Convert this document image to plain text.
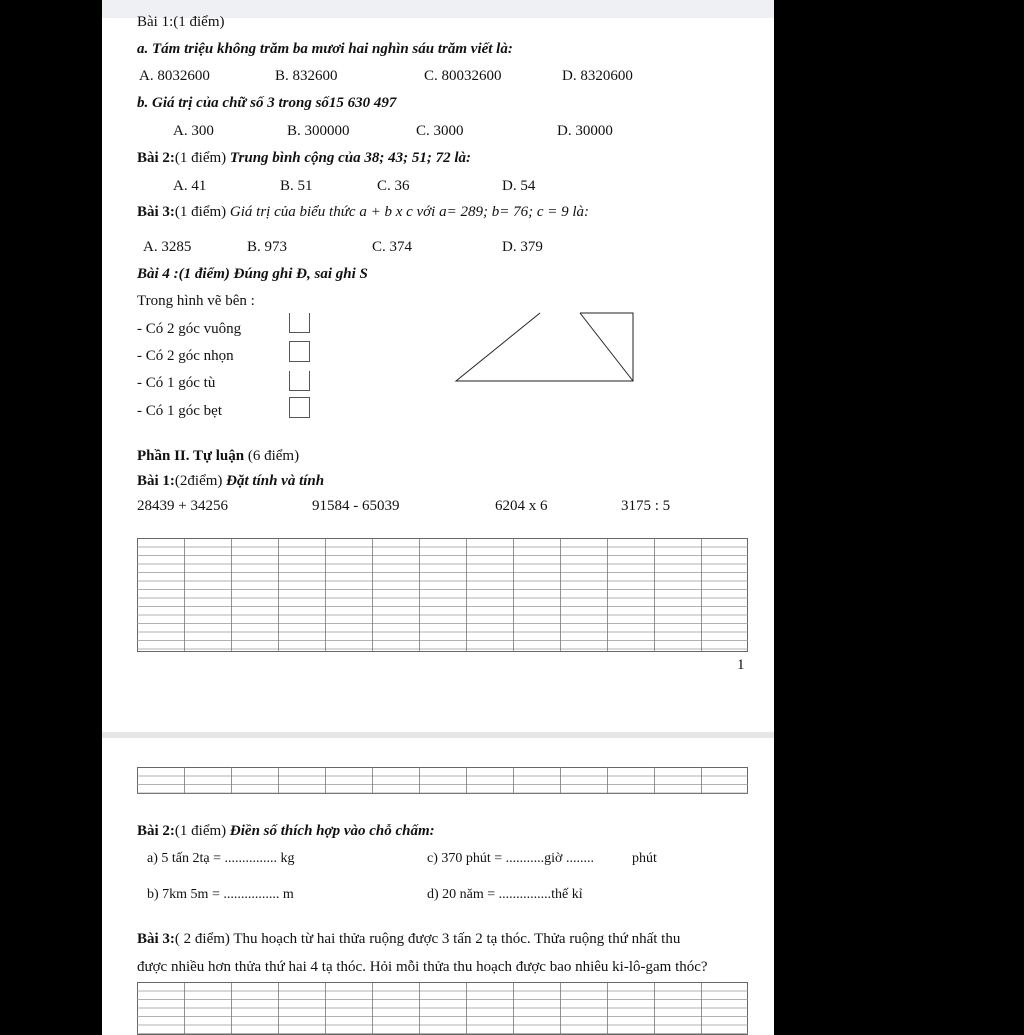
Bài 1:(1 điểm)
a. Tám triệu không trăm ba mươi hai nghìn sáu trăm viết là:
A. 8032600	B. 832600	C. 80032600	D. 8320600
b. Giá trị của chữ số 3 trong số15 630 497
A. 300	B. 300000	C. 3000	D. 30000
Bài 2:(1 điểm) Trung bình cộng của 38; 43; 51; 72 là:
A. 41	B. 51	C. 36	D. 54
Bài 3:(1 điểm) Giá trị của biểu thức a + b x c với a= 289; b= 76; c = 9 là:
A. 3285	B. 973	C. 374	D. 379
Bài 4 :(1 điểm) Đúng ghi Đ, sai ghi S
Trong hình vẽ bên :
- Có 2 góc vuông
- Có 2 góc nhọn
- Có 1 góc tù
- Có 1 góc bẹt
Phần II. Tự luận (6 điểm)
Bài 1:(2điểm) Đặt tính và tính
28439 + 34256	91584 - 65039	6204 x 6	3175 : 5
1
Bài 2:(1 điểm) Điền số thích hợp vào chỗ chấm:
a) 5 tấn 2tạ = ............... kg	c) 370 phút = ...........giờ ........	phút
b) 7km 5m = ................ m	d) 20 năm = ...............thế kỉ
Bài 3:( 2 điểm) Thu hoạch từ hai thửa ruộng được 3 tấn 2 tạ thóc. Thửa ruộng thứ nhất thu
được nhiều hơn thửa thứ hai 4 tạ thóc. Hỏi mỗi thửa thu hoạch được bao nhiêu ki-lô-gam thóc?
